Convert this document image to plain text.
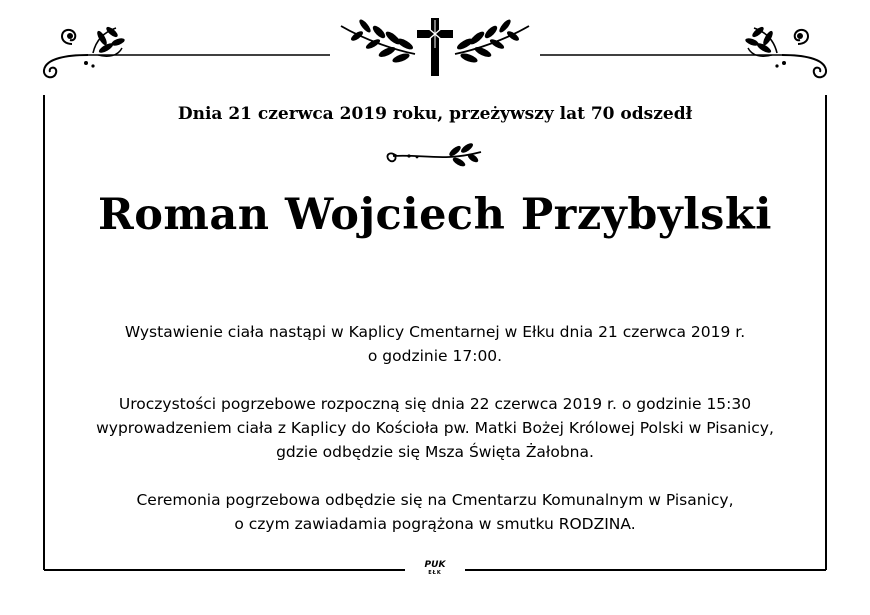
Dnia 21 czerwca 2019 roku, przeżywszy lat 70 odszedł
Roman Wojciech Przybylski
Wystawienie ciała nastąpi w Kaplicy Cmentarnej w Ełku dnia 21 czerwca 2019 r.
o godzinie 17:00.
Uroczystości pogrzebowe rozpoczną się dnia 22 czerwca 2019 r. o godzinie 15:30
wyprowadzeniem ciała z Kaplicy do Kościoła pw. Matki Bożej Królowej Polski w Pisanicy,
gdzie odbędzie się Msza Święta Żałobna.
Ceremonia pogrzebowa odbędzie się na Cmentarzu Komunalnym w Pisanicy,
o czym zawiadamia pogrążona w smutku RODZINA.
PUK
EŁK
